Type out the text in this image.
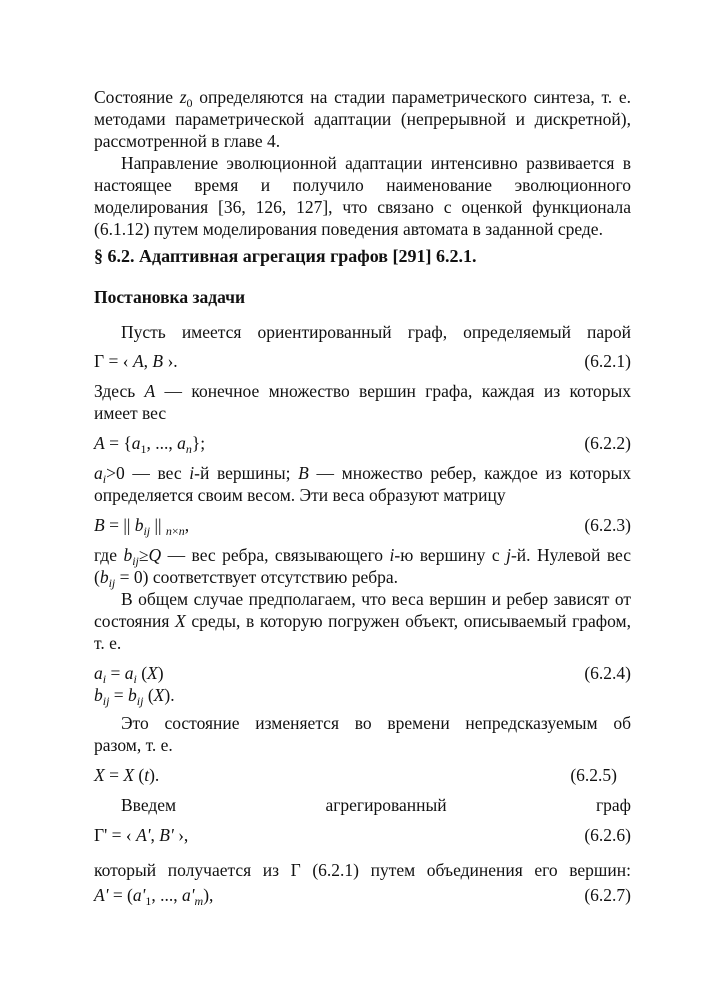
Состояние $z_0$ определяются на стадии параметрического синтеза, т. е.
методами параметрической адаптации (непрерывной и дискретной),
рассмотренной в главе 4.
Направление эволюционной адаптации интенсивно развивается в
настоящее время и получило наименование эволюционного
моделирования [36, 126, 127], что связано с оценкой функционала
(6.1.12) путем моделирования поведения автомата в заданной среде.
§ 6.2. Адаптивная агрегация графов [291] 6.2.1.
Постановка задачи
Пусть имеется ориентированный граф, определяемый парой
Γ = ‹ A, B ›.	(6.2.1)
Здесь A — конечное множество вершин графа, каждая из которых
имеет вес
$A = \{a_1$, ..., $a_n$};	(6.2.2)
$a_i>0$ — вес i-й вершины; B — множество ребер, каждое из которых
определяется своим весом. Эти веса образуют матрицу
B = || $b_{ij}$ || $_{n\times n}$,	(6.2.3)
где $b_{ij}\ge Q$ — вес ребра, связывающего i-ю вершину с j-й. Нулевой вес
$(b_{ij} = 0)$ соответствует отсутствию ребра.
В общем случае предполагаем, что веса вершин и ребер зависят от
состояния X среды, в которую погружен объект, описываемый графом,
т. е.
$a_i = a_i$ (X)	(6.2.4)
$b_{ij} = b_{ij}$ (X).
Это состояние изменяется во времени непредсказуемым об
разом, т. е.
X = X (t).	(6.2.5)
Введем агрегированный граф
Γ' = ‹ A', B' ›,	(6.2.6)
который получается из Γ (6.2.1) путем объединения его вершин:
$A' = (a'_1$, ..., $a'_m$),	(6.2.7)
